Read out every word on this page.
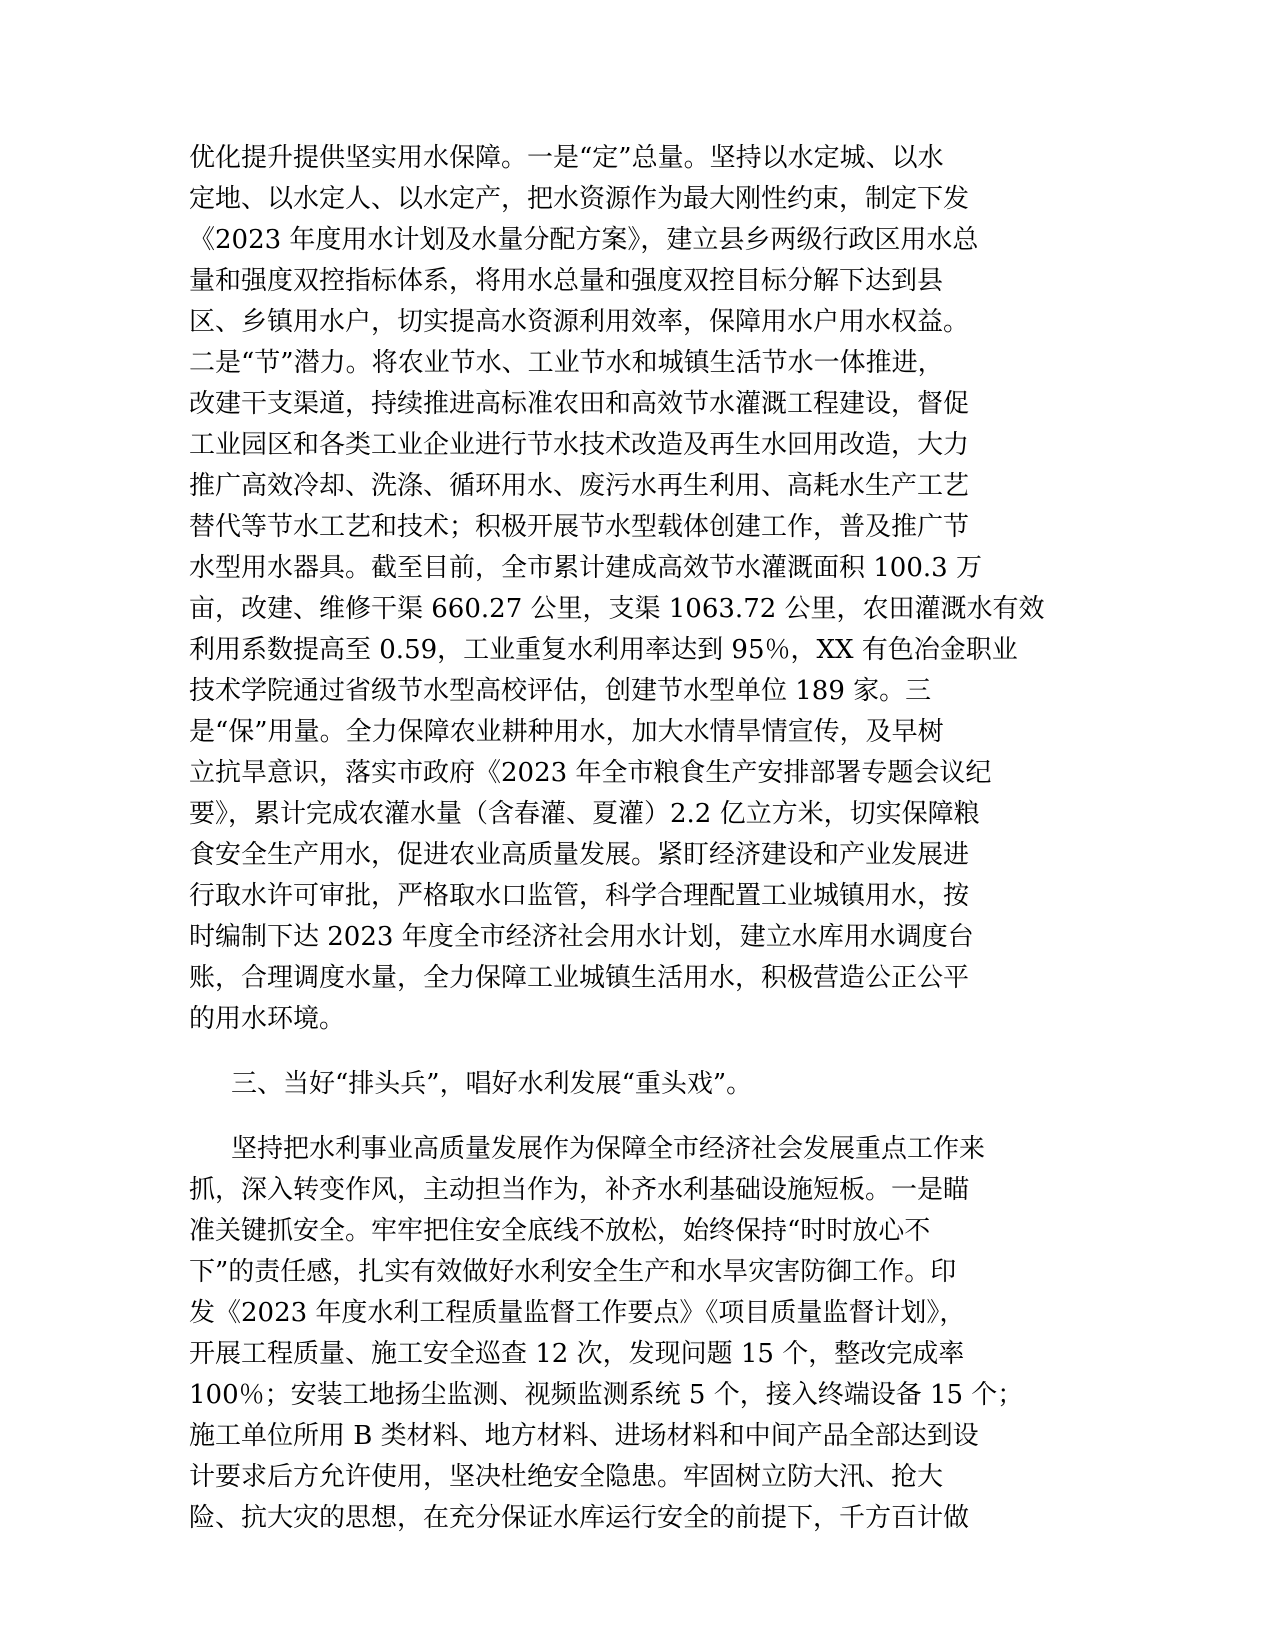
优化提升提供坚实用水保障。一是“定”总量。坚持以水定城、以水
定地、以水定人、以水定产，把水资源作为最大刚性约束，制定下发
《2023 年度用水计划及水量分配方案》，建立县乡两级行政区用水总
量和强度双控指标体系，将用水总量和强度双控目标分解下达到县
区、乡镇用水户，切实提高水资源利用效率，保障用水户用水权益。
二是“节”潜力。将农业节水、工业节水和城镇生活节水一体推进，
改建干支渠道，持续推进高标准农田和高效节水灌溉工程建设，督促
工业园区和各类工业企业进行节水技术改造及再生水回用改造，大力
推广高效冷却、洗涤、循环用水、废污水再生利用、高耗水生产工艺
替代等节水工艺和技术；积极开展节水型载体创建工作，普及推广节
水型用水器具。截至目前，全市累计建成高效节水灌溉面积 100.3 万
亩，改建、维修干渠 660.27 公里，支渠 1063.72 公里，农田灌溉水有效
利用系数提高至 0.59，工业重复水利用率达到 95％，XX 有色冶金职业
技术学院通过省级节水型高校评估，创建节水型单位 189 家。三
是“保”用量。全力保障农业耕种用水，加大水情旱情宣传，及早树
立抗旱意识，落实市政府《2023 年全市粮食生产安排部署专题会议纪
要》，累计完成农灌水量（含春灌、夏灌）2.2 亿立方米，切实保障粮
食安全生产用水，促进农业高质量发展。紧盯经济建设和产业发展进
行取水许可审批，严格取水口监管，科学合理配置工业城镇用水，按
时编制下达 2023 年度全市经济社会用水计划，建立水库用水调度台
账，合理调度水量，全力保障工业城镇生活用水，积极营造公正公平
的用水环境。
三、当好“排头兵”，唱好水利发展“重头戏”。
坚持把水利事业高质量发展作为保障全市经济社会发展重点工作来
抓，深入转变作风，主动担当作为，补齐水利基础设施短板。一是瞄
准关键抓安全。牢牢把住安全底线不放松，始终保持“时时放心不
下”的责任感，扎实有效做好水利安全生产和水旱灾害防御工作。印
发《2023 年度水利工程质量监督工作要点》《项目质量监督计划》，
开展工程质量、施工安全巡查 12 次，发现问题 15 个，整改完成率
100％；安装工地扬尘监测、视频监测系统 5 个，接入终端设备 15 个；
施工单位所用 B 类材料、地方材料、进场材料和中间产品全部达到设
计要求后方允许使用，坚决杜绝安全隐患。牢固树立防大汛、抢大
险、抗大灾的思想，在充分保证水库运行安全的前提下，千方百计做
